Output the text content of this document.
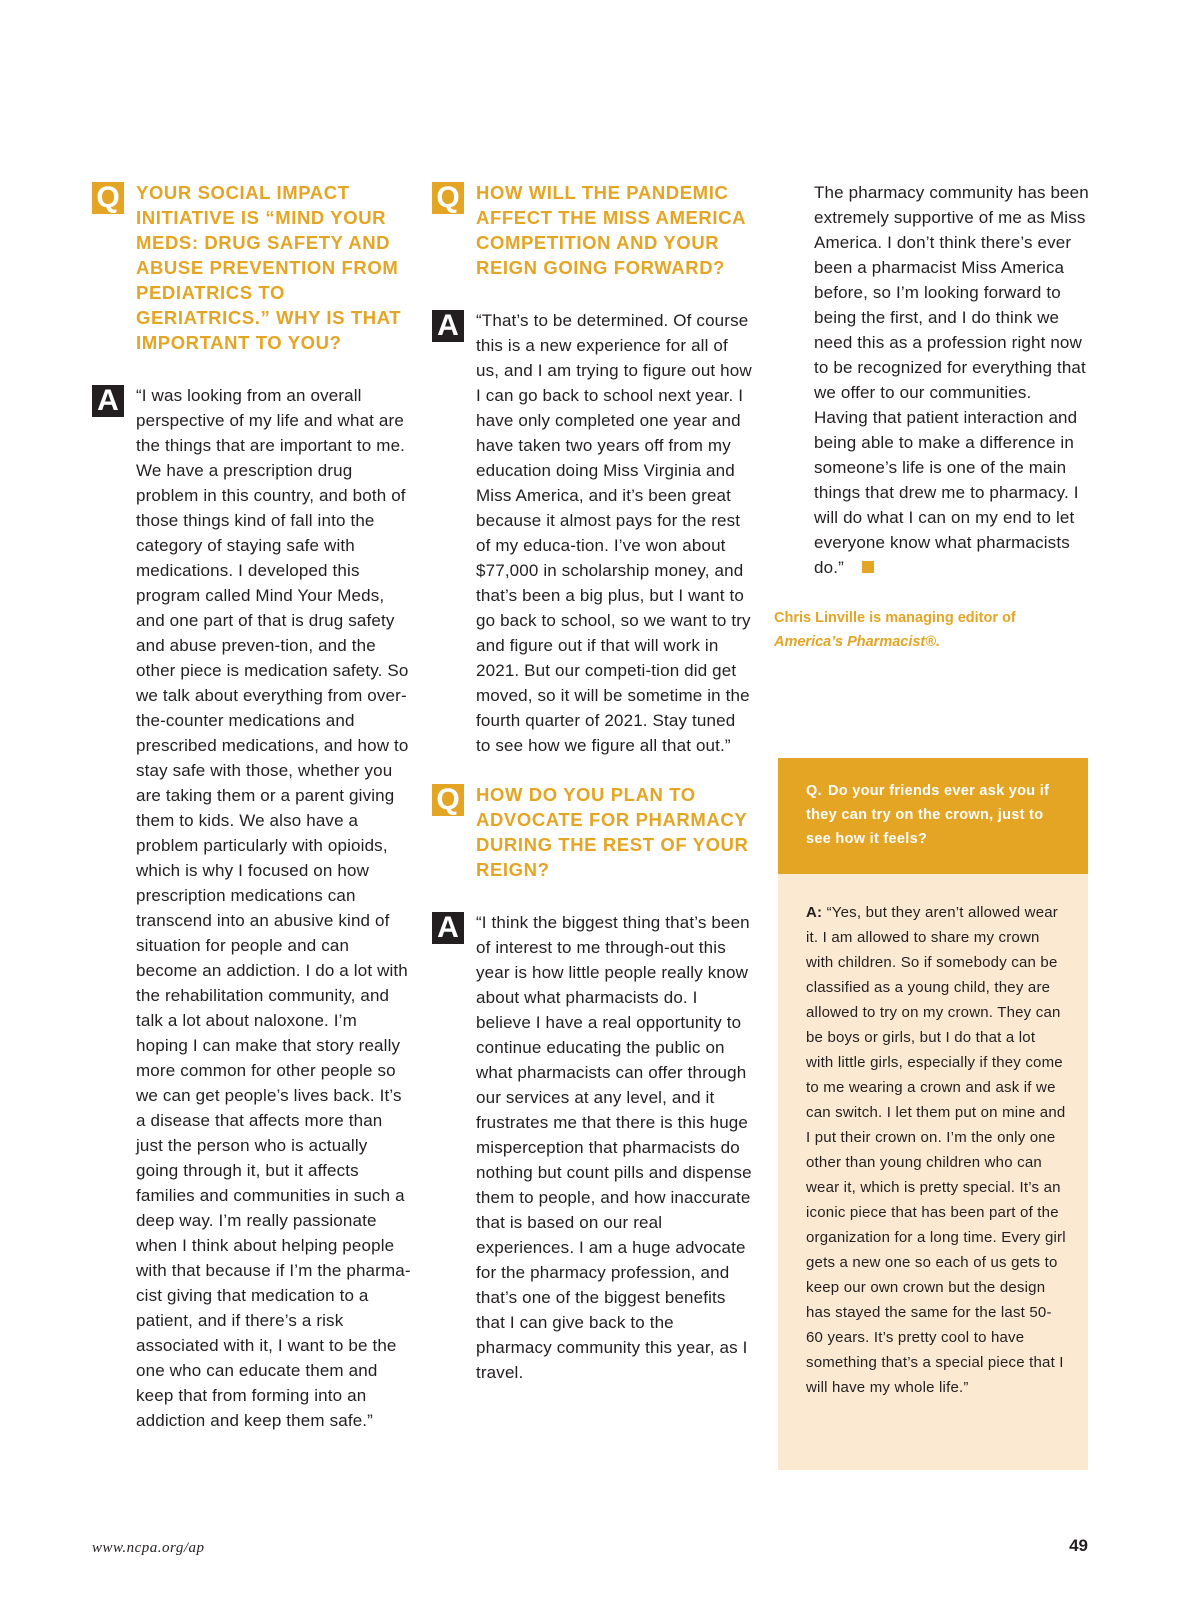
Q YOUR SOCIAL IMPACT INITIATIVE IS “MIND YOUR MEDS: DRUG SAFETY AND ABUSE PREVENTION FROM PEDIATRICS TO GERIATRICS.” WHY IS THAT IMPORTANT TO YOU?
A	“I was looking from an overall perspective of my life and what are the things that are important to me. We have a prescription drug problem in this country, and both of those things kind of fall into the category of staying safe with medications. I developed this program called Mind Your Meds, and one part of that is drug safety and abuse preven-tion, and the other piece is medication safety. So we talk about everything from over-the-counter medications and prescribed medications, and how to stay safe with those, whether you are taking them or a parent giving them to kids. We also have a problem particularly with opioids, which is why I focused on how prescription medications can transcend into an abusive kind of situation for people and can become an addiction. I do a lot with the rehabilitation community, and talk a lot about naloxone. I’m hoping I can make that story really more common for other people so we can get people’s lives back. It’s a disease that affects more than just the person who is actually going through it, but it affects families and communities in such a deep way. I’m really passionate when I think about helping people with that because if I’m the pharma-cist giving that medication to a patient, and if there’s a risk associated with it, I want to be the one who can educate them and keep that from forming into an addiction and keep them safe.”
Q HOW WILL THE PANDEMIC AFFECT THE MISS AMERICA COMPETITION AND YOUR REIGN GOING FORWARD?
A	“That’s to be determined. Of course this is a new experience for all of us, and I am trying to figure out how I can go back to school next year. I have only completed one year and have taken two years off from my education doing Miss Virginia and Miss America, and it’s been great because it almost pays for the rest of my educa-tion. I’ve won about $77,000 in scholarship money, and that’s been a big plus, but I want to go back to school, so we want to try and figure out if that will work in 2021. But our competi-tion did get moved, so it will be sometime in the fourth quarter of 2021. Stay tuned to see how we figure all that out.”
Q HOW DO YOU PLAN TO ADVOCATE FOR PHARMACY DURING THE REST OF YOUR REIGN?
A	“I think the biggest thing that’s been of interest to me through-out this year is how little people really know about what pharmacists do. I believe I have a real opportunity to continue educating the public on what pharmacists can offer through our services at any level, and it frustrates me that there is this huge misperception that pharmacists do nothing but count pills and dispense them to people, and how inaccurate that is based on our real experiences. I am a huge advocate for the pharmacy profession, and that’s one of the biggest benefits that I can give back to the pharmacy community this year, as I travel.
The pharmacy community has been extremely supportive of me as Miss America. I don’t think there’s ever been a pharmacist Miss America before, so I’m looking forward to being the first, and I do think we need this as a profession right now to be recognized for everything that we offer to our communities. Having that patient interaction and being able to make a difference in someone’s life is one of the main things that drew me to pharmacy. I will do what I can on my end to let everyone know what pharmacists do.”
Chris Linville is managing editor of
America’s Pharmacist®.
Q. Do your friends ever ask you if they can try on the crown, just to see how it feels?
A: “Yes, but they aren’t allowed wear it. I am allowed to share my crown with children. So if somebody can be classified as a young child, they are allowed to try on my crown. They can be boys or girls, but I do that a lot with little girls, especially if they come to me wearing a crown and ask if we can switch. I let them put on mine and I put their crown on. I’m the only one other than young children who can wear it, which is pretty special. It’s an iconic piece that has been part of the organization for a long time. Every girl gets a new one so each of us gets to keep our own crown but the design has stayed the same for the last 50-60 years. It’s pretty cool to have something that’s a special piece that I will have my whole life.”
www.ncpa.org/ap	49
